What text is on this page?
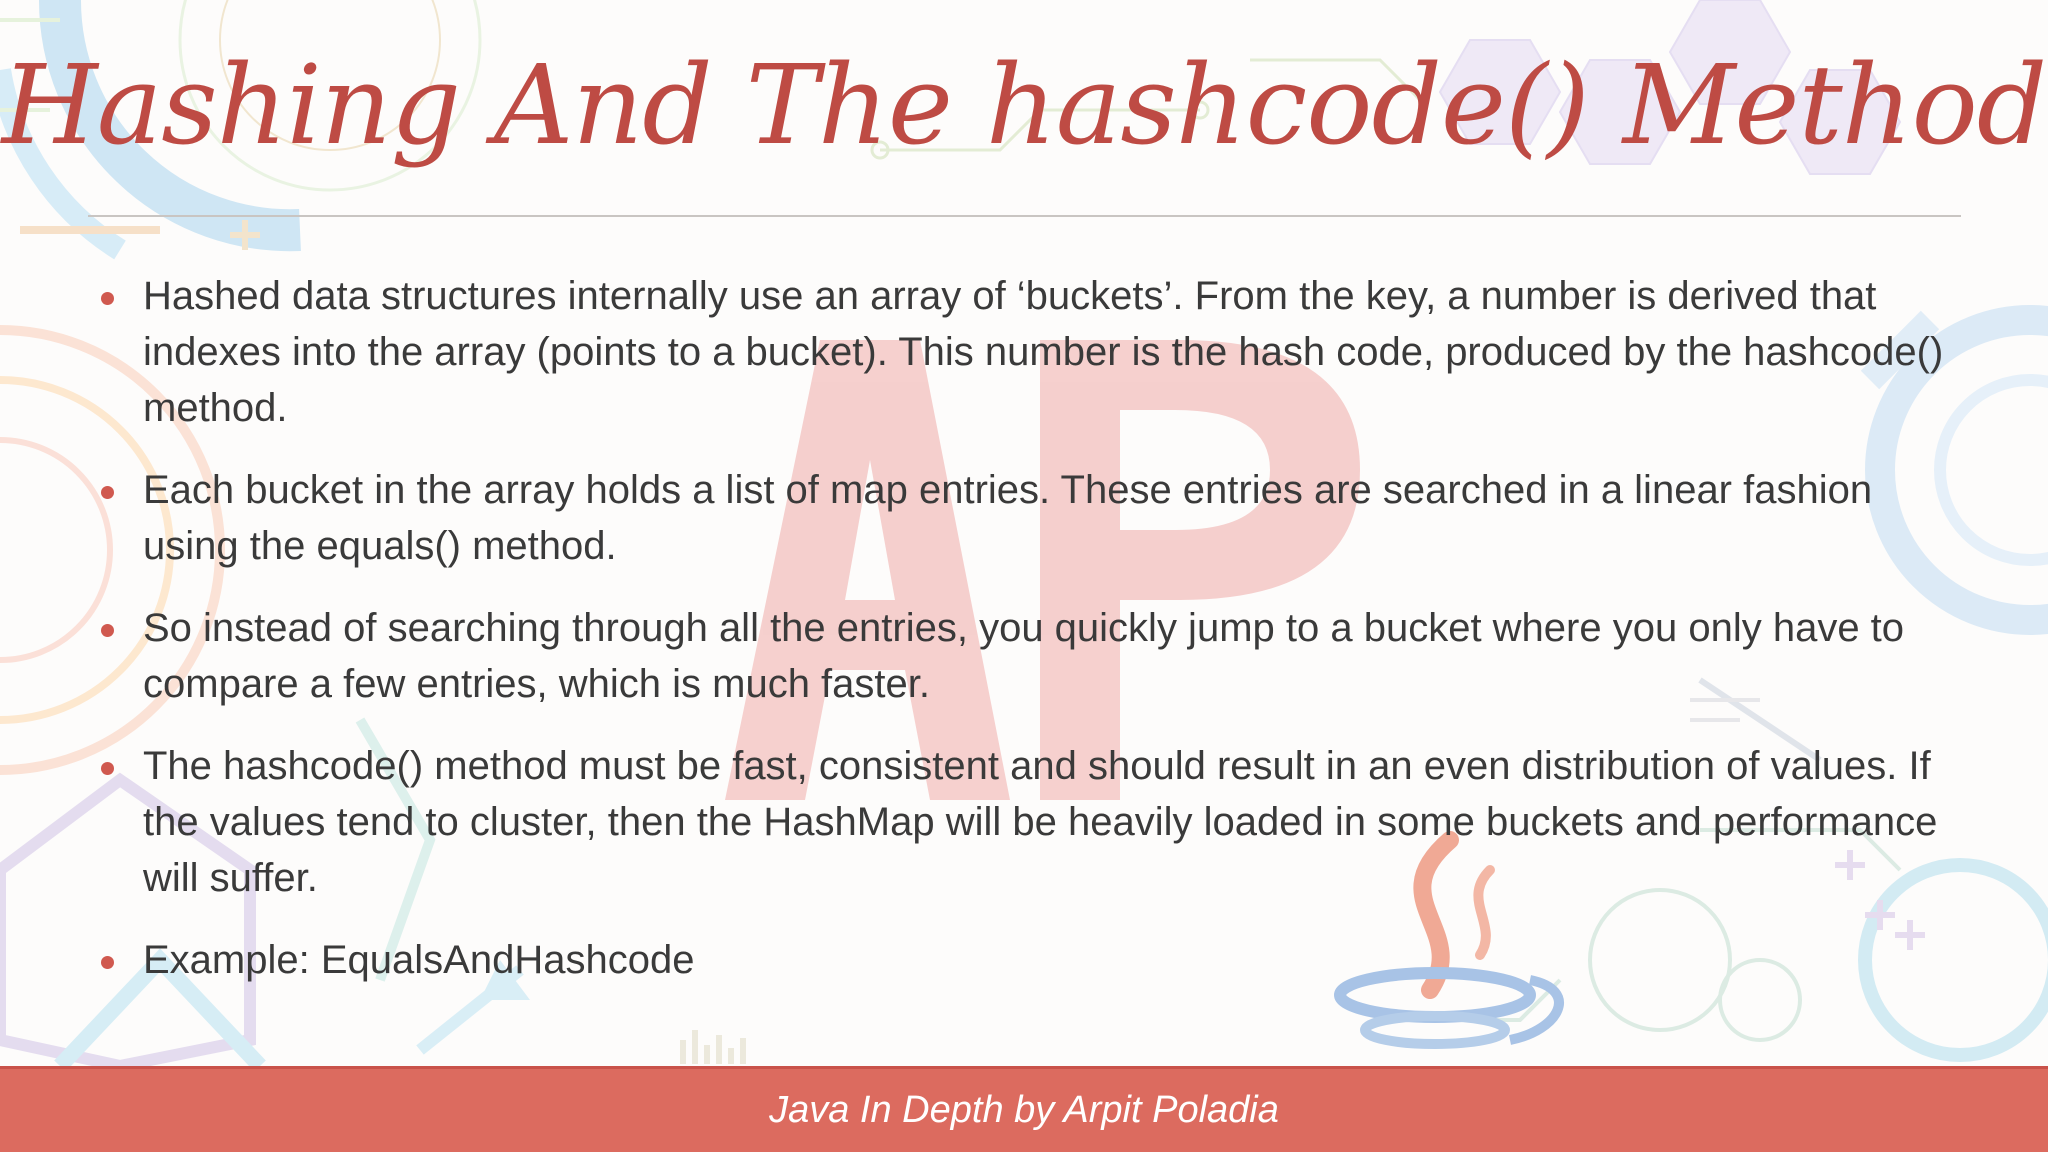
Hashing And The hashcode() Method
Hashed data structures internally use an array of ‘buckets’. From the key, a number is derived that indexes into the array (points to a bucket). This number is the hash code, produced by the hashcode() method.
Each bucket in the array holds a list of map entries. These entries are searched in a linear fashion using the equals() method.
So instead of searching through all the entries, you quickly jump to a bucket where you only have to compare a few entries, which is much faster.
The hashcode() method must be fast, consistent and should result in an even distribution of values. If the values tend to cluster, then the HashMap will be heavily loaded in some buckets and performance will suffer.
Example: EqualsAndHashcode
Java In Depth by Arpit Poladia
